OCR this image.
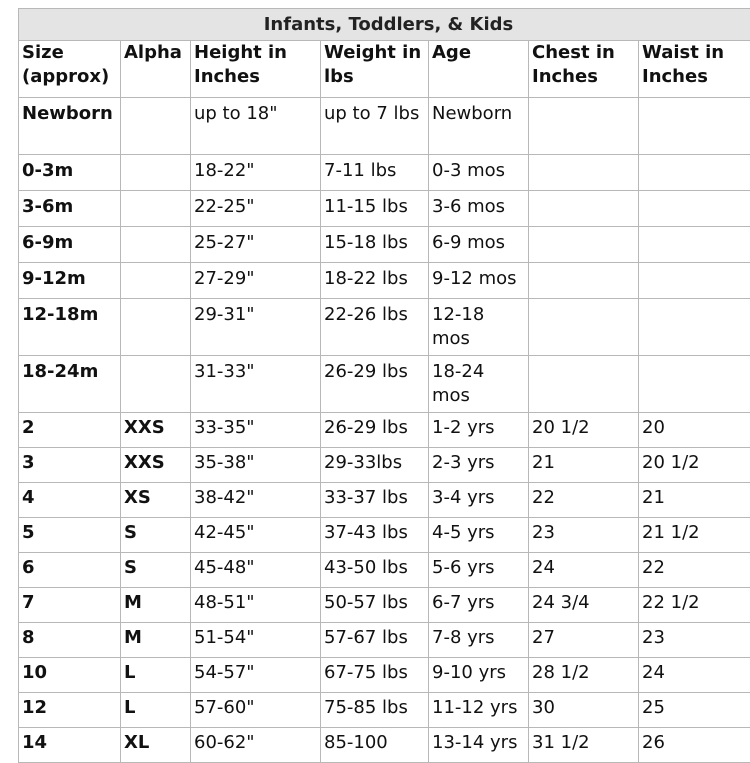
Infants, Toddlers, & Kids
Size (approx)	Alpha	Height in Inches	Weight in lbs	Age	Chest in Inches	Waist in Inches
Newborn		up to 18"	up to 7 lbs	Newborn		
0-3m		18-22"	7-11 lbs	0-3 mos		
3-6m		22-25"	11-15 lbs	3-6 mos		
6-9m		25-27"	15-18 lbs	6-9 mos		
9-12m		27-29"	18-22 lbs	9-12 mos		
12-18m		29-31"	22-26 lbs	12-18 mos		
18-24m		31-33"	26-29 lbs	18-24 mos		
2	XXS	33-35"	26-29 lbs	1-2 yrs	20 1/2	20
3	XXS	35-38"	29-33lbs	2-3 yrs	21	20 1/2
4	XS	38-42"	33-37 lbs	3-4 yrs	22	21
5	S	42-45"	37-43 lbs	4-5 yrs	23	21 1/2
6	S	45-48"	43-50 lbs	5-6 yrs	24	22
7	M	48-51"	50-57 lbs	6-7 yrs	24 3/4	22 1/2
8	M	51-54"	57-67 lbs	7-8 yrs	27	23
10	L	54-57"	67-75 lbs	9-10 yrs	28 1/2	24
12	L	57-60"	75-85 lbs	11-12 yrs	30	25
14	XL	60-62"	85-100	13-14 yrs	31 1/2	26
